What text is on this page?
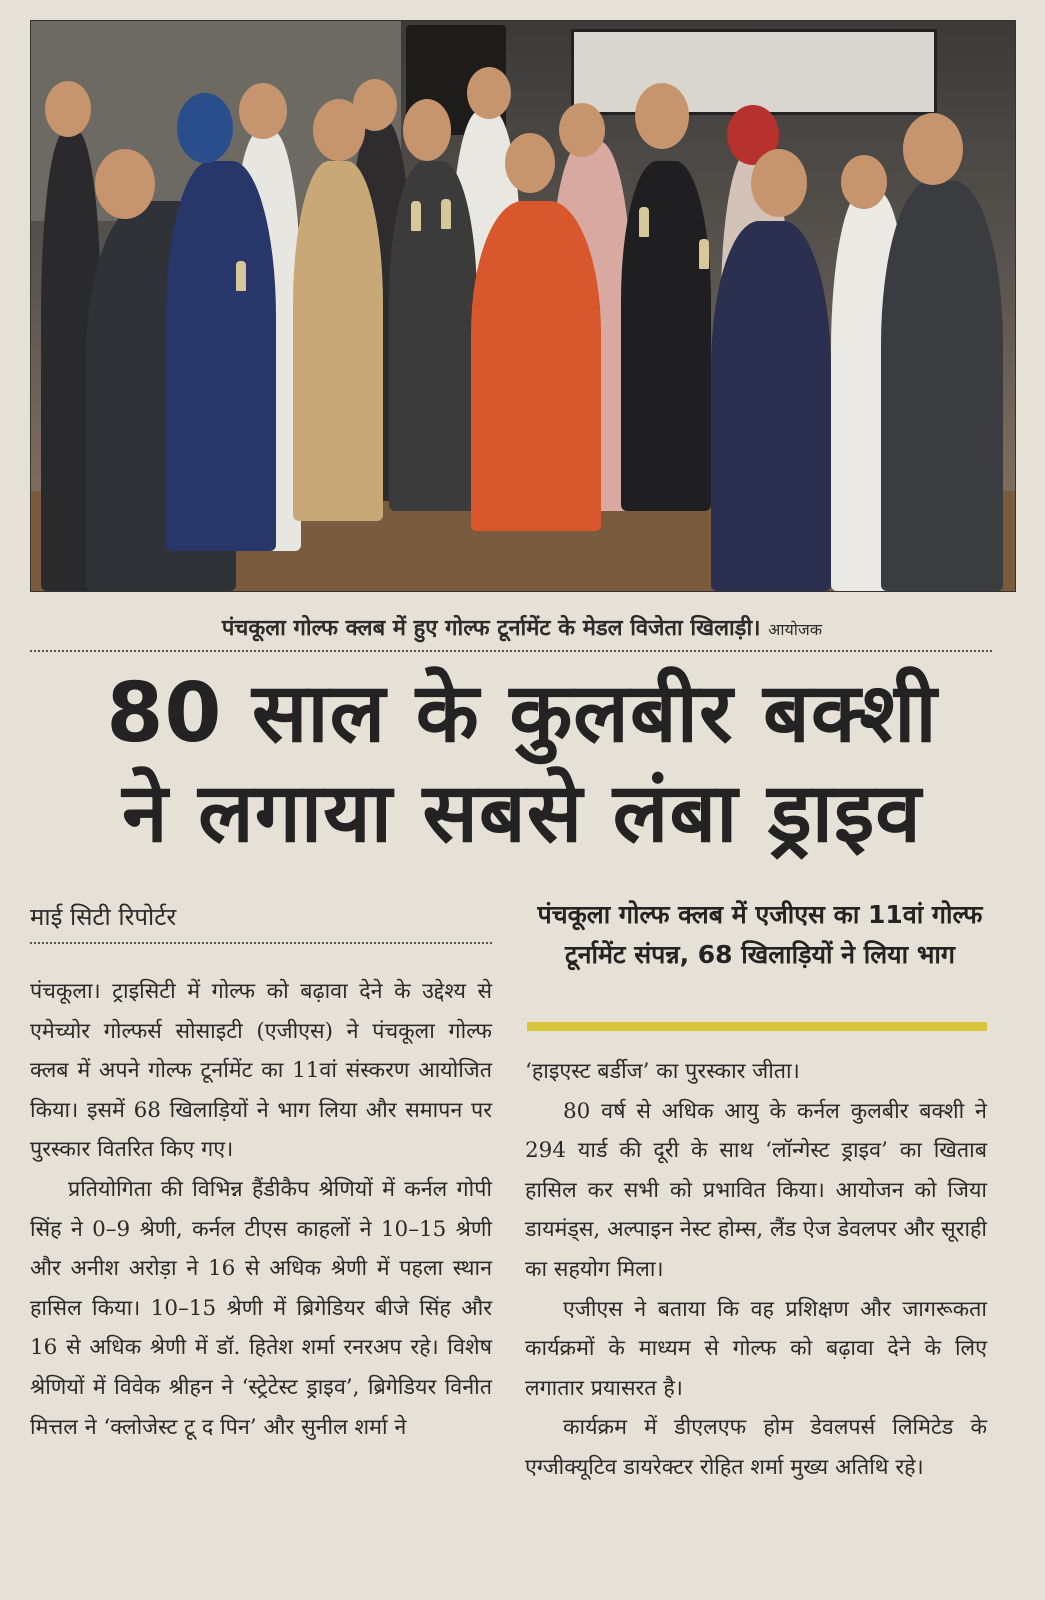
पंचकूला गोल्फ क्लब में हुए गोल्फ टूर्नामेंट के मेडल विजेता खिलाड़ी। आयोजक
80 साल के कुलबीर बक्शी
ने लगाया सबसे लंबा ड्राइव
माई सिटी रिपोर्टर	पंचकूला गोल्फ क्लब में एजीएस का 11वां गोल्फ टूर्नामेंट संपन्न, 68 खिलाड़ियों ने लिया भाग

पंचकूला। ट्राइसिटी में गोल्फ को बढ़ावा देने के उद्देश्य से एमेच्योर गोल्फर्स सोसाइटी (एजीएस) ने पंचकूला गोल्फ क्लब में अपने गोल्फ टूर्नामेंट का 11वां संस्करण आयोजित किया। इसमें 68 खिलाड़ियों ने भाग लिया और समापन पर पुरस्कार वितरित किए गए।

प्रतियोगिता की विभिन्न हैंडीकैप श्रेणियों में कर्नल गोपी सिंह ने 0–9 श्रेणी, कर्नल टीएस काहलों ने 10–15 श्रेणी और अनीश अरोड़ा ने 16 से अधिक श्रेणी में पहला स्थान हासिल किया। 10–15 श्रेणी में ब्रिगेडियर बीजे सिंह और 16 से अधिक श्रेणी में डॉ. हितेश शर्मा रनरअप रहे। विशेष श्रेणियों में विवेक श्रीहन ने ‘स्ट्रेटेस्ट ड्राइव’, ब्रिगेडियर विनीत मित्तल ने ‘क्लोजेस्ट टू द पिन’ और सुनील शर्मा ने

‘हाइएस्ट बर्डीज’ का पुरस्कार जीता।

80 वर्ष से अधिक आयु के कर्नल कुलबीर बक्शी ने 294 यार्ड की दूरी के साथ ‘लॉन्गेस्ट ड्राइव’ का खिताब हासिल कर सभी को प्रभावित किया। आयोजन को जिया डायमंड्स, अल्पाइन नेस्ट होम्स, लैंड ऐज डेवलपर और सूराही का सहयोग मिला।

एजीएस ने बताया कि वह प्रशिक्षण और जागरूकता कार्यक्रमों के माध्यम से गोल्फ को बढ़ावा देने के लिए लगातार प्रयासरत है।

कार्यक्रम में डीएलएफ होम डेवलपर्स लिमिटेड के एग्जीक्यूटिव डायरेक्टर रोहित शर्मा मुख्य अतिथि रहे।
